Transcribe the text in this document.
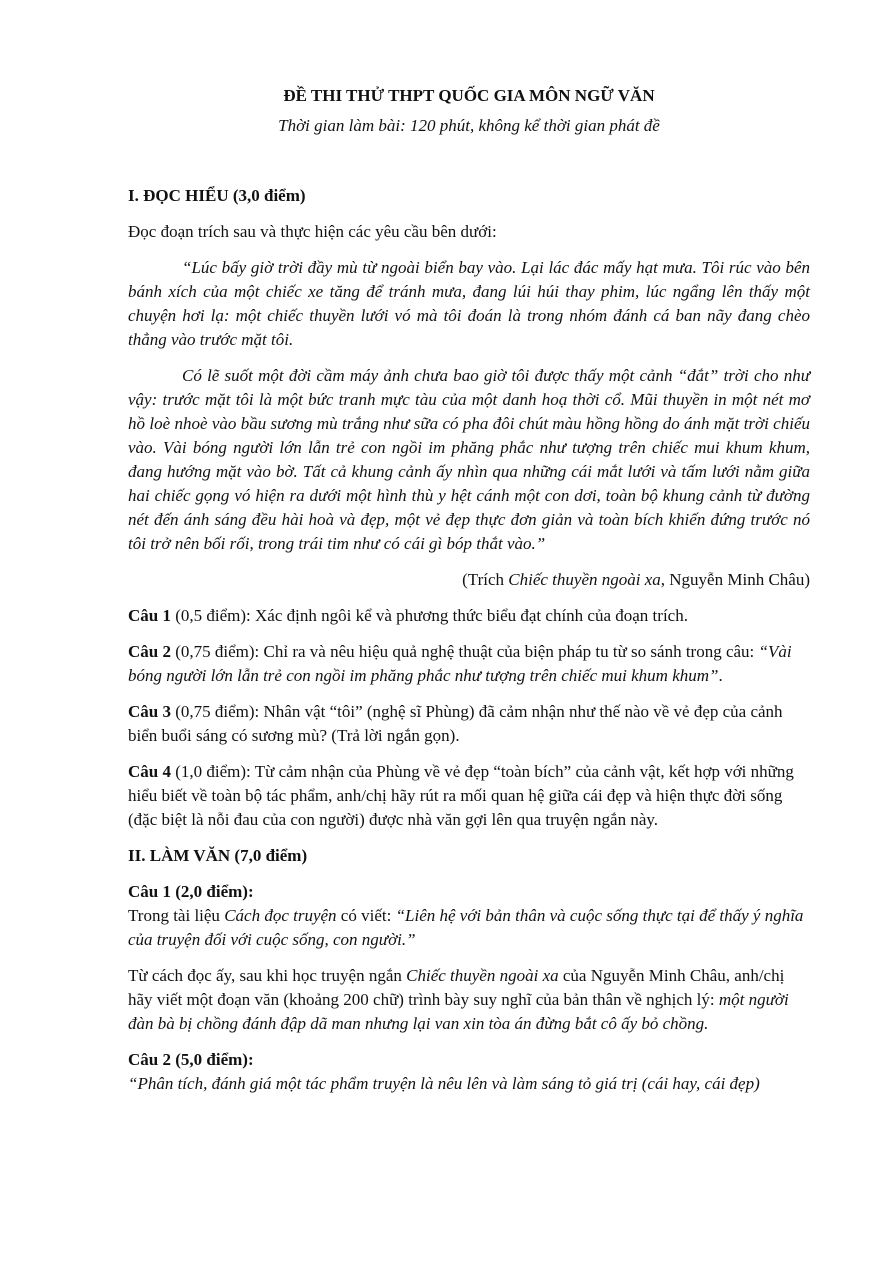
ĐỀ THI THỬ THPT QUỐC GIA MÔN NGỮ VĂN
Thời gian làm bài: 120 phút, không kể thời gian phát đề
I. ĐỌC HIỂU (3,0 điểm)

Đọc đoạn trích sau và thực hiện các yêu cầu bên dưới:

“Lúc bấy giờ trời đầy mù từ ngoài biển bay vào. Lại lác đác mấy hạt mưa. Tôi rúc vào bên bánh xích của một chiếc xe tăng để tránh mưa, đang lúi húi thay phim, lúc ngẩng lên thấy một chuyện hơi lạ: một chiếc thuyền lưới vó mà tôi đoán là trong nhóm đánh cá ban nãy đang chèo thẳng vào trước mặt tôi.

Có lẽ suốt một đời cầm máy ảnh chưa bao giờ tôi được thấy một cảnh “đắt” trời cho như vậy: trước mặt tôi là một bức tranh mực tàu của một danh hoạ thời cổ. Mũi thuyền in một nét mơ hồ loè nhoè vào bầu sương mù trắng như sữa có pha đôi chút màu hồng hồng do ánh mặt trời chiếu vào. Vài bóng người lớn lẫn trẻ con ngồi im phăng phắc như tượng trên chiếc mui khum khum, đang hướng mặt vào bờ. Tất cả khung cảnh ấy nhìn qua những cái mắt lưới và tấm lưới nằm giữa hai chiếc gọng vó hiện ra dưới một hình thù y hệt cánh một con dơi, toàn bộ khung cảnh từ đường nét đến ánh sáng đều hài hoà và đẹp, một vẻ đẹp thực đơn giản và toàn bích khiến đứng trước nó tôi trở nên bối rối, trong trái tim như có cái gì bóp thắt vào.”

(Trích Chiếc thuyền ngoài xa, Nguyễn Minh Châu)

Câu 1 (0,5 điểm): Xác định ngôi kể và phương thức biểu đạt chính của đoạn trích.

Câu 2 (0,75 điểm): Chỉ ra và nêu hiệu quả nghệ thuật của biện pháp tu từ so sánh trong câu: “Vài bóng người lớn lẫn trẻ con ngồi im phăng phắc như tượng trên chiếc mui khum khum”.

Câu 3 (0,75 điểm): Nhân vật “tôi” (nghệ sĩ Phùng) đã cảm nhận như thế nào về vẻ đẹp của cảnh biển buổi sáng có sương mù? (Trả lời ngắn gọn).

Câu 4 (1,0 điểm): Từ cảm nhận của Phùng về vẻ đẹp “toàn bích” của cảnh vật, kết hợp với những hiểu biết về toàn bộ tác phẩm, anh/chị hãy rút ra mối quan hệ giữa cái đẹp và hiện thực đời sống (đặc biệt là nỗi đau của con người) được nhà văn gợi lên qua truyện ngắn này.

II. LÀM VĂN (7,0 điểm)
Câu 1 (2,0 điểm):
Trong tài liệu Cách đọc truyện có viết: “Liên hệ với bản thân và cuộc sống thực tại để thấy ý nghĩa của truyện đối với cuộc sống, con người.”

Từ cách đọc ấy, sau khi học truyện ngắn Chiếc thuyền ngoài xa của Nguyễn Minh Châu, anh/chị hãy viết một đoạn văn (khoảng 200 chữ) trình bày suy nghĩ của bản thân về nghịch lý: một người đàn bà bị chồng đánh đập dã man nhưng lại van xin tòa án đừng bắt cô ấy bỏ chồng.

Câu 2 (5,0 điểm):
“Phân tích, đánh giá một tác phẩm truyện là nêu lên và làm sáng tỏ giá trị (cái hay, cái đẹp)
